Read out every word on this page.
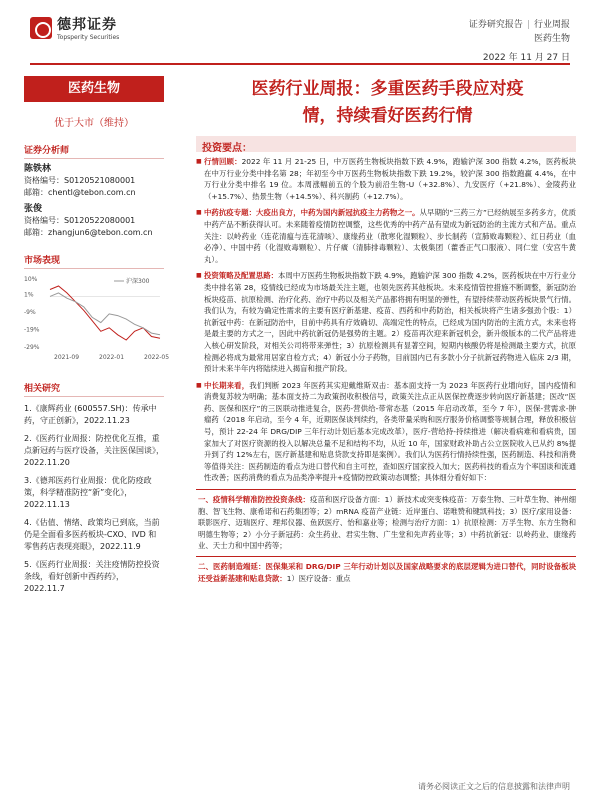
德邦证券
Topsperity Securities
证券研究报告 | 行业周报
医药生物
2022 年 11 月 27 日
医药生物
优于大市（维持）
证券分析师
陈铁林
资格编号：S0120521080001
邮箱：chentl@tebon.com.cn
张俊
资格编号：S0120522080001
邮箱：zhangjun6@tebon.com.cn
市场表现
10%
1%
-9%
-19%
-29%
2021-09	2022-01	2022-05
沪深300
相关研究
1.《康辉药业 (600557.SH)：传承中药，守正创新》，2022.11.23
2.《医药行业周报：防控优化互推，重点新冠药与医疗设备，关注医保国谈》，2022.11.20
3.《德邦医药行业周报：优化防疫政策，科学精准防控“新”变化》，2022.11.13
4.《估值、情绪、政策均已到底，当前仍是全面看多医药板块-CXO、IVD 和零售药店表现亮眼》，2022.11.9
5.《医药行业周报：关注疫情防控投资条线，看好创新中西药药》，2022.11.7
医药行业周报：多重医药手段应对疫
情，持续看好医药行情
投资要点：
■ 行情回顾：2022 年 11 月 21-25 日，中万医药生物板块指数下跌 4.9%，跑输沪深 300 指数 4.2%，医药板块在中万行业分类中排名第 28；年初至今中万医药生物板块指数下跌 19.2%，较沪深 300 指数跑赢 4.4%，在中万行业分类中排名 19 位。本周涨幅前五的个股为前沿生物-U（+32.8%）、九安医疗（+21.8%）、金陵药业（+15.7%）、热景生物（+14.5%）、科兴制药（+12.7%）。
■ 中药抗疫专题：大疫出良方，中药为国内新冠抗疫主力药物之一。从早期的“三药三方”已经纳展至多药多方，优质中药产品不断获得认可。未来随着疫情防控调整，这些优秀的中药产品有望成为新冠防治的主流方式和产品。重点关注：以岭药业（连花清瘟与连花清咳）、康缘药业（散寒化湿颗粒）、步长制药（宣肺败毒颗粒）、红日药业（血必净）、中国中药（化湿败毒颗粒）、片仔癀（清肺排毒颗粒）、太极集团（藿香正气口服液）、同仁堂（安宫牛黄丸）。
■ 投资策略及配置思路：本周中万医药生物板块指数下跌 4.9%，跑输沪深 300 指数 4.2%，医药板块在中万行业分类中排名第 28，疫情线已经成为市场最关注主题，也领先医药其他板块。未来疫情管控措施不断调整，新冠防治板块疫苗、抗原检测、治疗化药、治疗中药以及相关产品都将拥有明显的弹性，有望持续带动医药板块景气行情。我们认为，有较为确定性需求的主要有医疗新基建、疫苗、西药和中药防治，相关板块将产生诸多强劲个股：1）抗新冠中药：在新冠防治中，目前中药具有疗效确切、高端定性的特点，已经成为国内防治的主流方式，未来也将是最主要的方式之一，因此中药抗新冠仍是强势的主题。2）疫苗再次迎来新冠机会，新升级版本的二代产品将进入核心研发阶段，对相关公司将带来弹性；3）抗原检测具有显著空间，短期内核酸仍将是检测最主要方式，抗原检测必将成为最常用居家自检方式；4）新冠小分子药物，目前国内已有多款小分子抗新冠药物进入临床 2/3 期，预计未来半年内将陆续进入揭盲和报产阶段。
■ 中长期来看，我们判断 2023 年医药其实迎戴维斯双击：基本面支持一为 2023 年医药行业增向好，国内疫情和消费复苏较为明确；基本面支持二为政策拐收积极信号，政策关注点正从医保控费逐步转向医疗新基建；医改“医药、医保和医疗”的三医联动推进复合，医药-营供给-带常态基（2015 年启动改革，至今 7 年），医保-营需求-肿瘤药（2018 年启动，至今 4 年，近期医保谈判续约，各类带量采购和医疗服务价格调整等规制合理，释放积极信号，预计 22-24 年 DRG/DIP 三年行动计划后基本完成改革），医疗-营给持-持续推进（解决看病难和看病贵，国家加大了对医疗资源的投入以解决总量不足和结构不均，从近 10 年，国家财政补助占公立医院收入已从约 8%提升到了约 12%左右，医疗新基建和贴息贷款支持即是案例）。我们认为医药行情持续性强，医药制造、科技和消费等值得关注：医药制造的看点为进口替代和自主可控，查如医疗国家投入加大；医药科技的看点为个率国谈和流通性改善；医药消费的看点为品类净率提升+疫情防控政策动态调整；具体细分看好如下：
一、疫情科学精准防控投资条线：疫苗和医疗设备方面：1）新技术或突变株疫苗：万泰生物、三叶草生物、神州细胞、智飞生物、康希诺和石药集团等；2）mRNA 疫苗产业链：近岸蛋白、诺唯赞和键凯科技；3）医疗/家用设备：联影医疗、迈瑞医疗、理邦仪器、鱼跃医疗、怡和嘉业等；检测与治疗方面：1）抗原检测：万孚生物、东方生物和明德生物等；2）小分子新冠药：众生药业、君实生物、广生堂和先声药业等；3）中药抗新冠：以岭药业、康缘药业、天士力和中国中药等；
二、医药制造端延：医保集采和 DRG/DIP 三年行动计划以及国家战略要求的底层逻辑为进口替代，同时设备板块还受益新基建和贴息贷款：1）医疗设备：重点
请务必阅读正文之后的信息披露和法律声明
